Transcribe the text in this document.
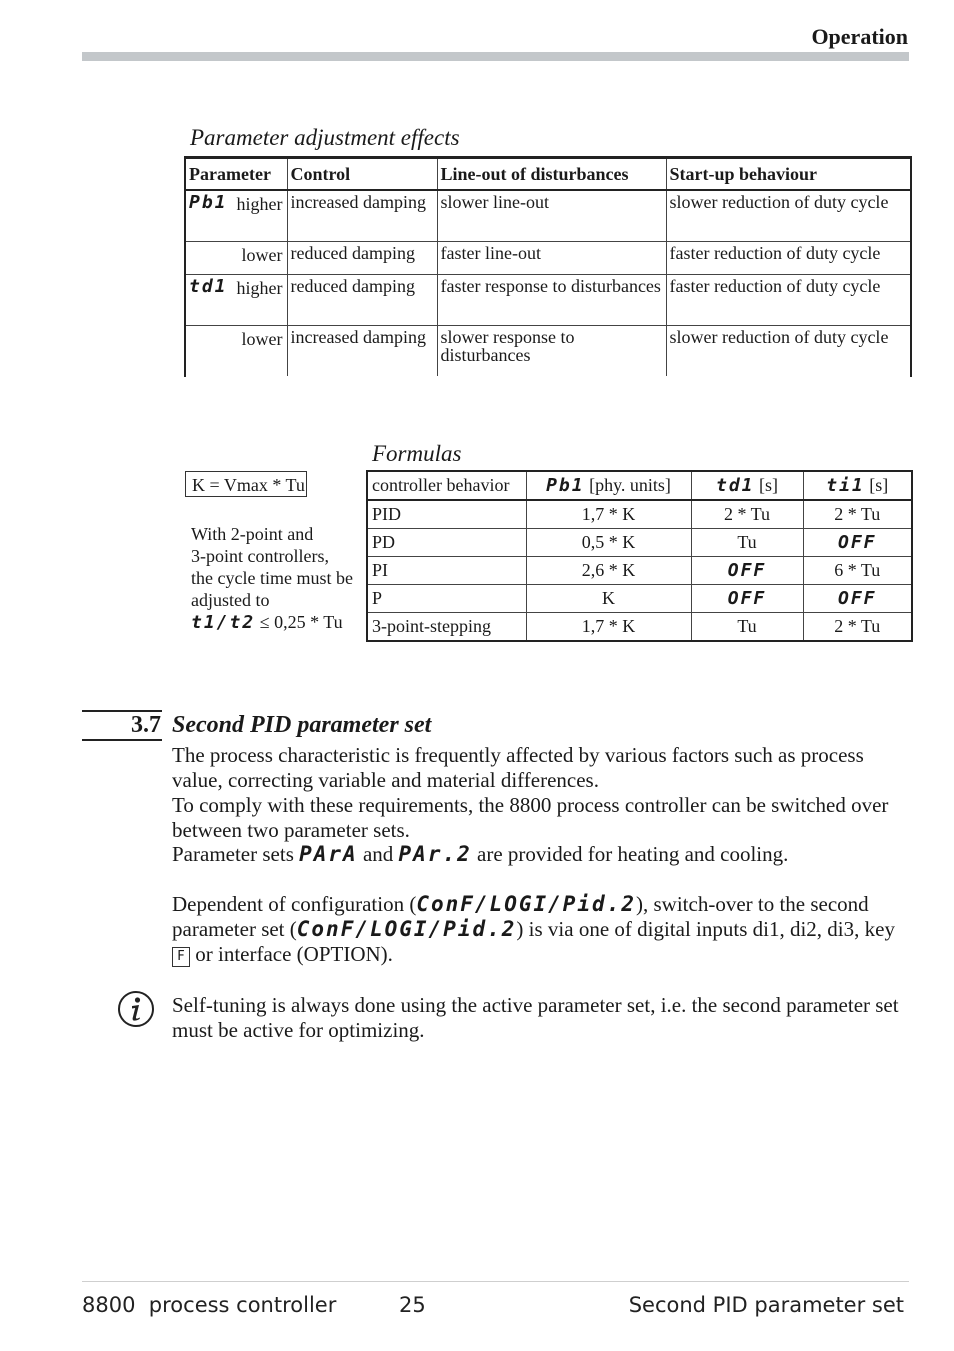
Operation
Parameter adjustment effects
Parameter	Control	Line-out of disturbances	Start-up behaviour
Pb1 higher	increased damping	slower line-out	slower reduction of duty cycle

lower	reduced damping	faster line-out	faster reduction of duty cycle
td1 higher	reduced damping	faster response to disturbances	faster reduction of duty cycle

lower	increased damping	slower response to disturbances	slower reduction of duty cycle
Formulas
K = Vmax * Tu
With 2-point and
3-point controllers,
the cycle time must be
adjusted to
t1/t2 ≤ 0,25 * Tu
controller behavior	Pb1 [phy. units]	td1 [s]	ti1 [s]
PID	1,7 * K	2 * Tu	2 * Tu
PD	0,5 * K	Tu	OFF
PI	2,6 * K	OFF	6 * Tu
P	K	OFF	OFF
3-point-stepping	1,7 * K	Tu	2 * Tu
3.7 Second PID parameter set
The process characteristic is frequently affected by various factors such as process value, correcting variable and material differences.
To comply with these requirements, the 8800 process controller can be switched over between two parameter sets.
Parameter sets PArA and PAr.2 are provided for heating and cooling.
Dependent of configuration (ConF/LOGI/Pid.2), switch-over to the second parameter set (ConF/LOGI/Pid.2) is via one of digital inputs di1, di2, di3, key F or interface (OPTION).
Self-tuning is always done using the active parameter set, i.e. the second parameter set must be active for optimizing.
8800  process controller	25	Second PID parameter set
